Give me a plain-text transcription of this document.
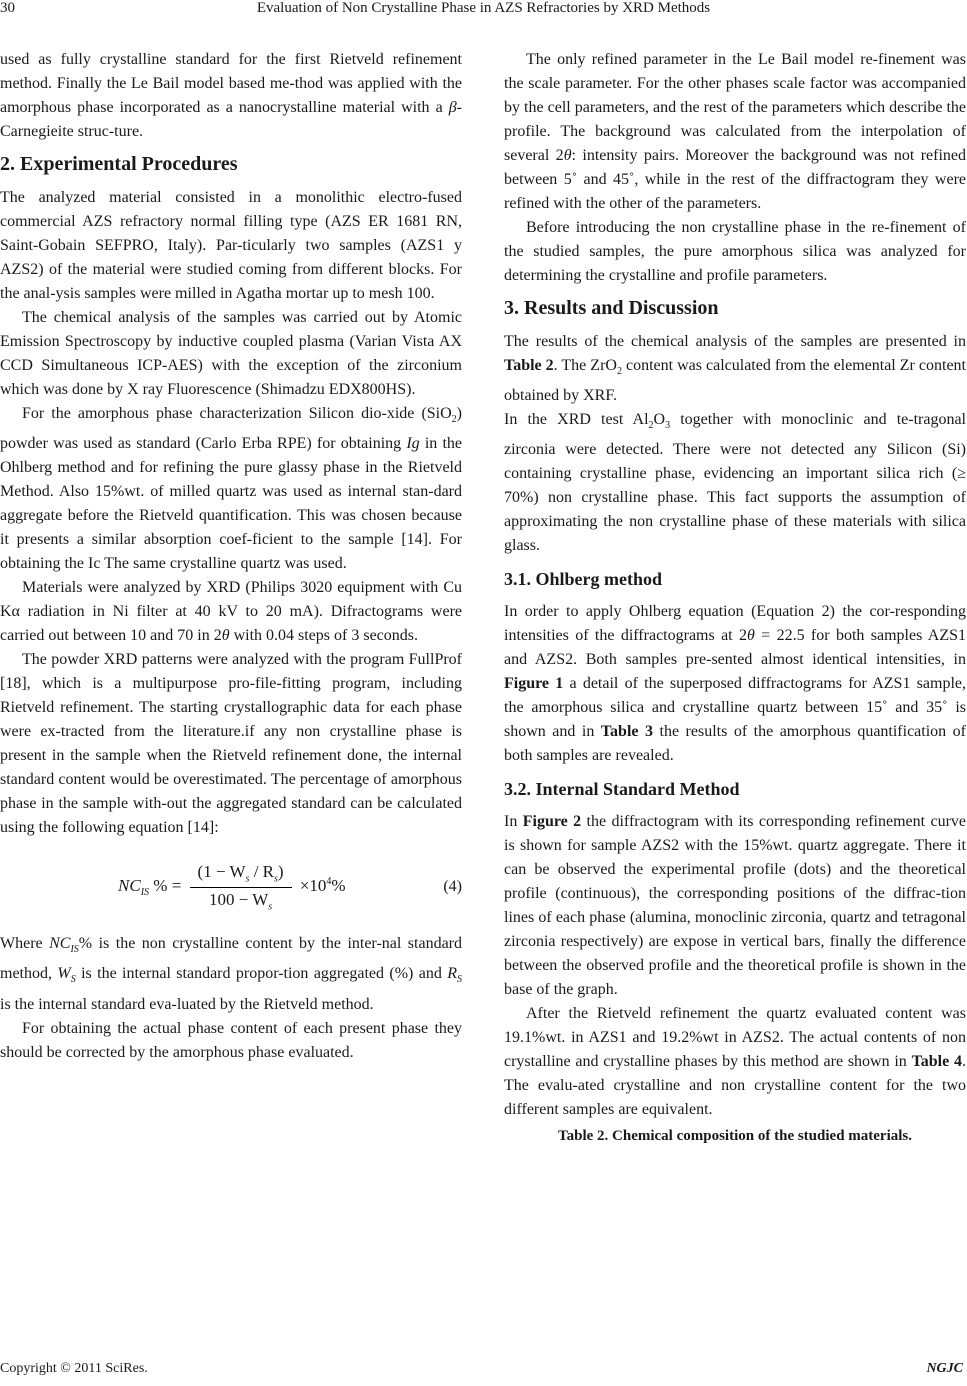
30	Evaluation of Non Crystalline Phase in AZS Refractories by XRD Methods

used as fully crystalline standard for the first Rietveld refinement method. Finally the Le Bail model based me-thod was applied with the amorphous phase incorporated as a nanocrystalline material with a β-Carnegieite struc-ture.

2. Experimental Procedures

The analyzed material consisted in a monolithic electro-fused commercial AZS refractory normal filling type (AZS ER 1681 RN, Saint-Gobain SEFPRO, Italy). Par-ticularly two samples (AZS1 y AZS2) of the material were studied coming from different blocks. For the anal-ysis samples were milled in Agatha mortar up to mesh 100.

The chemical analysis of the samples was carried out by Atomic Emission Spectroscopy by inductive coupled plasma (Varian Vista AX CCD Simultaneous ICP-AES) with the exception of the zirconium which was done by X ray Fluorescence (Shimadzu EDX800HS).

For the amorphous phase characterization Silicon dio-xide (SiO$_2$) powder was used as standard (Carlo Erba RPE) for obtaining Ig in the Ohlberg method and for refining the pure glassy phase in the Rietveld Method. Also 15%wt. of milled quartz was used as internal stan-dard aggregate before the Rietveld quantification. This was chosen because it presents a similar absorption coef-ficient to the sample [14]. For obtaining the Ic The same crystalline quartz was used.

Materials were analyzed by XRD (Philips 3020 equipment with Cu Kα radiation in Ni filter at 40 kV to 20 mA). Difractograms were carried out between 10 and 70 in 2θ with 0.04 steps of 3 seconds.

The powder XRD patterns were analyzed with the program FullProf [18], which is a multipurpose pro-file-fitting program, including Rietveld refinement. The starting crystallographic data for each phase were ex-tracted from the literature.if any non crystalline phase is present in the sample when the Rietveld refinement done, the internal standard content would be overestimated. The percentage of amorphous phase in the sample with-out the aggregated standard can be calculated using the following equation [14]:

$NC_{IS}$ % = $\frac{(1 - W_s / R_s)}{100 - W_s} \times 10^4\%$	(4)

Where $NC_{IS}\%$ is the non crystalline content by the inter-nal standard method, $W_S$ is the internal standard propor-tion aggregated (%) and $R_S$ is the internal standard eva-luated by the Rietveld method.

For obtaining the actual phase content of each present phase they should be corrected by the amorphous phase evaluated.

The only refined parameter in the Le Bail model re-finement was the scale parameter. For the other phases scale factor was accompanied by the cell parameters, and the rest of the parameters which describe the profile. The background was calculated from the interpolation of several 2θ: intensity pairs. Moreover the background was not refined between 5˚ and 45˚, while in the rest of the diffractogram they were refined with the other of the parameters.

Before introducing the non crystalline phase in the re-finement of the studied samples, the pure amorphous silica was analyzed for determining the crystalline and profile parameters.

3. Results and Discussion

The results of the chemical analysis of the samples are presented in Table 2. The ZrO$_2$ content was calculated from the elemental Zr content obtained by XRF.

In the XRD test $Al_2O_3$ together with monoclinic and te-tragonal zirconia were detected. There were not detected any Silicon (Si) containing crystalline phase, evidencing an important silica rich (≥ 70%) non crystalline phase. This fact supports the assumption of approximating the non crystalline phase of these materials with silica glass.

3.1. Ohlberg method

In order to apply Ohlberg equation (Equation 2) the cor-responding intensities of the diffractograms at 2θ = 22.5 for both samples AZS1 and AZS2. Both samples pre-sented almost identical intensities, in Figure 1 a detail of the superposed diffractograms for AZS1 sample, the amorphous silica and crystalline quartz between 15˚ and 35˚ is shown and in Table 3 the results of the amorphous quantification of both samples are revealed.

3.2. Internal Standard Method

In Figure 2 the diffractogram with its corresponding refinement curve is shown for sample AZS2 with the 15%wt. quartz aggregate. There it can be observed the experimental profile (dots) and the theoretical profile (continuous), the corresponding positions of the diffrac-tion lines of each phase (alumina, monoclinic zirconia, quartz and tetragonal zirconia respectively) are expose in vertical bars, finally the difference between the observed profile and the theoretical profile is shown in the base of the graph.

After the Rietveld refinement the quartz evaluated content was 19.1%wt. in AZS1 and 19.2%wt in AZS2. The actual contents of non crystalline and crystalline phases by this method are shown in Table 4. The evalu-ated crystalline and non crystalline content for the two different samples are equivalent.

Table 2. Chemical composition of the studied materials.
Copyright © 2011 SciRes.	NGJC
